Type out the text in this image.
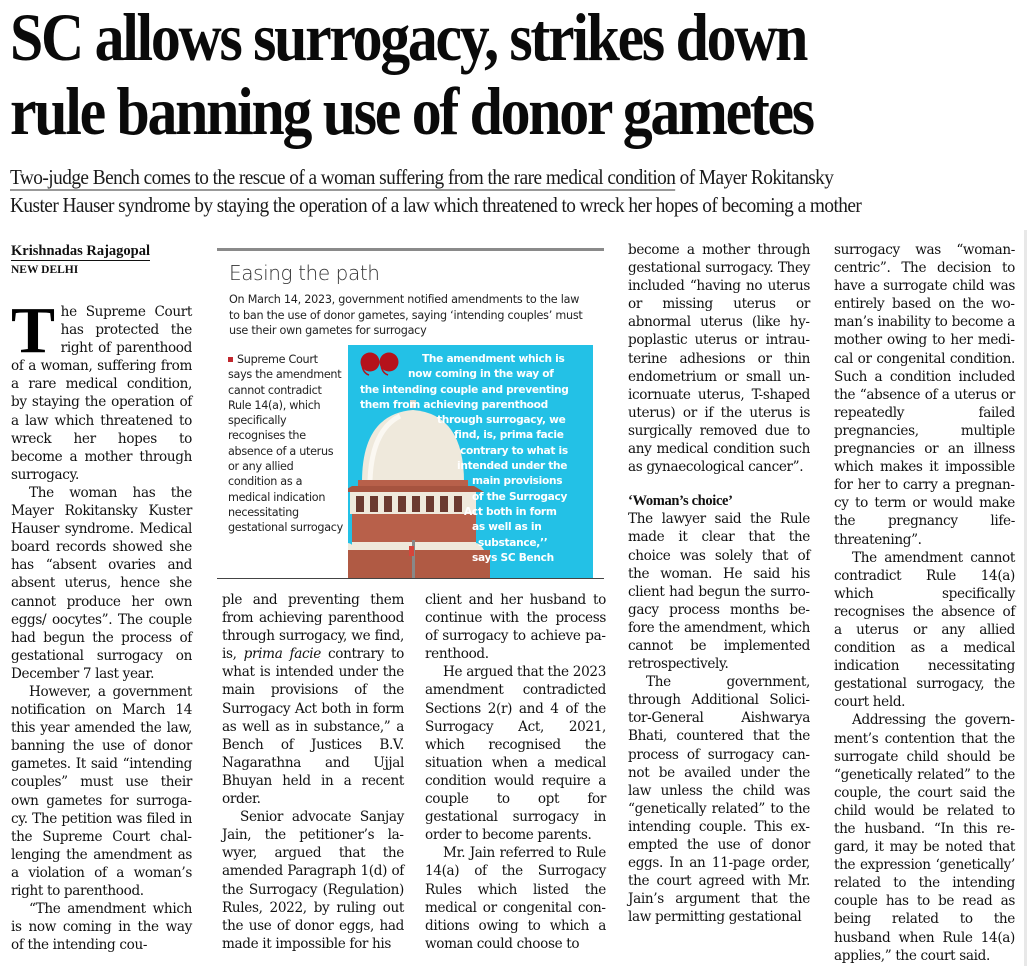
SC allows surrogacy, strikes down
rule banning use of donor gametes
Two-judge Bench comes to the rescue of a woman suffering from the rare medical condition of Mayer Rokitansky
Kuster Hauser syndrome by staying the operation of a law which threatened to wreck her hopes of becoming a mother
Krishnadas Rajagopal
NEW DELHI

The Supreme Court has protected the right of parenthood of a woman, suffering from a rare medical condition, by staying the operation of a law which threatened to wreck her hopes to become a mother through surrogacy.

The woman has the Mayer Rokitansky Kuster Hauser syndrome. Medical board records showed she has “absent ovaries and absent uterus, hence she cannot produce her own eggs/ oocytes”. The couple had begun the process of gestational surrogacy on December 7 last year.

However, a government notification on March 14 this year amended the law, banning the use of donor gametes. It said “intending couples” must use their own gametes for surrogacy. The petition was filed in the Supreme Court challenging the amendment as a violation of a woman’s right to parenthood.

“The amendment which is now coming in the way of the intending cou-

Easing the path
On March 14, 2023, government notified amendments to the law to ban the use of donor gametes, saying ‘intending couples’ must use their own gametes for surrogacy
Supreme Court says the amendment cannot contradict Rule 14(a), which specifically recognises the absence of a uterus or any allied condition as a medical indication necessitating gestational surrogacy
The amendment which is
now coming in the way of
the intending couple and preventing
them from achieving parenthood
through surrogacy, we
find, is, prima facie
contrary to what is
intended under the
main provisions
of the Surrogacy
Act both in form
as well as in
substance,’’
says SC Bench

ple and preventing them from achieving parenthood through surrogacy, we find, is, prima facie contrary to what is intended under the main provisions of the Surrogacy Act both in form as well as in substance,” a Bench of Justices B.V. Nagarathna and Ujjal Bhuyan held in a recent order.

Senior advocate Sanjay Jain, the petitioner’s lawyer, argued that the amended Paragraph 1(d) of the Surrogacy (Regulation) Rules, 2022, by ruling out the use of donor eggs, had made it impossible for his

client and her husband to continue with the process of surrogacy to achieve parenthood.

He argued that the 2023 amendment contradicted Sections 2(r) and 4 of the Surrogacy Act, 2021, which recognised the situation when a medical condition would require a couple to opt for gestational surrogacy in order to become parents.

Mr. Jain referred to Rule 14(a) of the Surrogacy Rules which listed the medical or congenital conditions owing to which a woman could choose to

become a mother through gestational surrogacy. They included “having no uterus or missing uterus or abnormal uterus (like hypoplastic uterus or intrauterine adhesions or thin endometrium or small unicornuate uterus, T-shaped uterus) or if the uterus is surgically removed due to any medical condition such as gynaecological cancer”.

‘Woman’s choice’

The lawyer said the Rule made it clear that the choice was solely that of the woman. He said his client had begun the surrogacy process months before the amendment, which cannot be implemented retrospectively.

The government, through Additional Solicitor-General Aishwarya Bhati, countered that the process of surrogacy cannot be availed under the law unless the child was “genetically related” to the intending couple. This exempted the use of donor eggs. In an 11-page order, the court agreed with Mr. Jain’s argument that the law permitting gestational

surrogacy was “woman-centric”. The decision to have a surrogate child was entirely based on the woman’s inability to become a mother owing to her medical or congenital condition. Such a condition included the “absence of a uterus or repeatedly failed pregnancies, multiple pregnancies or an illness which makes it impossible for her to carry a pregnancy to term or would make the pregnancy life-threatening”.

The amendment cannot contradict Rule 14(a) which specifically recognises the absence of a uterus or any allied condition as a medical indication necessitating gestational surrogacy, the court held.

Addressing the government’s contention that the surrogate child should be “genetically related” to the couple, the court said the child would be related to the husband. “In this regard, it may be noted that the expression ‘genetically’ related to the intending couple has to be read as being related to the husband when Rule 14(a) applies,” the court said.
